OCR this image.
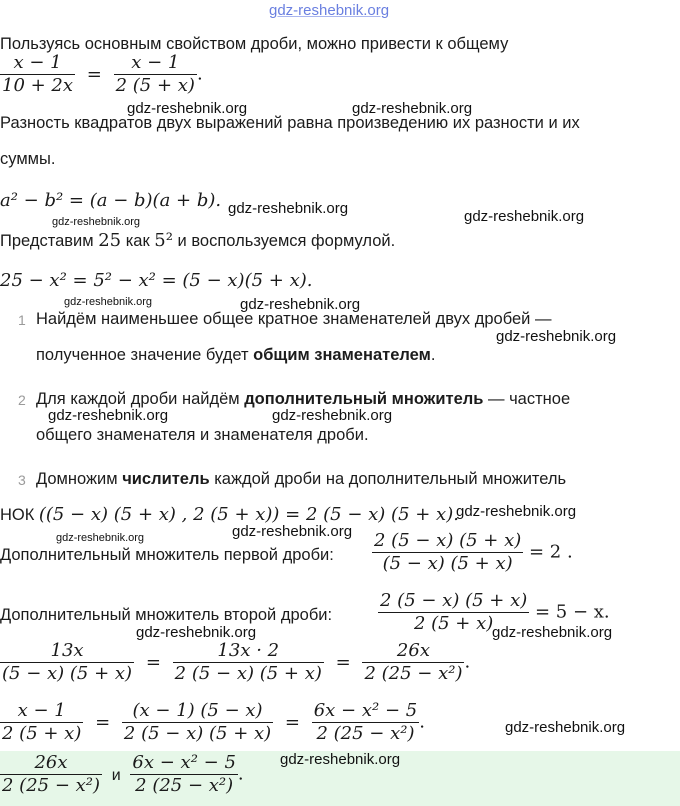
gdz-reshebnik.org
Пользуясь основным свойством дроби, можно привести к общему
$\frac{x - 1}{10 + 2x} = \frac{x - 1}{2 (5 + x)}$ .
gdz-reshebnik.org	gdz-reshebnik.org
Разность квадратов двух выражений равна произведению их разности и их
суммы.
a² − b² = (a − b)(a + b). gdz-reshebnik.org	gdz-reshebnik.org
gdz-reshebnik.org
Представим 25 как 5² и воспользуемся формулой.
25 − x² = 5² − x² = (5 − x)(5 + x).
gdz-reshebnik.org	gdz-reshebnik.org
1 Найдём наименьшее общее кратное знаменателей двух дробей —
gdz-reshebnik.org
полученное значение будет общим знаменателем.
2 Для каждой дроби найдём дополнительный множитель — частное
gdz-reshebnik.org	gdz-reshebnik.org
общего знаменателя и знаменателя дроби.
3 Домножим числитель каждой дроби на дополнительный множитель
НОК ((5 − x) (5 + x) , 2 (5 + x)) = 2 (5 − x) (5 + x).
gdz-reshebnik.org
gdz-reshebnik.org
gdz-reshebnik.org
Дополнительный множитель первой дроби: $\frac{2 (5 - x) (5 + x)}{(5 - x) (5 + x)} = 2$ .
Дополнительный множитель второй дроби:	$\frac{2 (5 - x) (5 + x)}{2 (5 + x)} = 5 - x$.
gdz-reshebnik.org	gdz-reshebnik.org
$\frac{13x}{(5 - x) (5 + x)} = \frac{13x \cdot 2}{2 (5 - x) (5 + x)} = \frac{26x}{\text{2 (25 − x²)}}$ .
$\frac{x - 1}{2 (5 + x)} = \frac{(x - 1) (5 - x)}{2 (5 - x) (5 + x)} = \frac{\text{6x − x² − 5}}{\text{2 (25 − x²)}}$ .	gdz-reshebnik.org
gdz-reshebnik.org
$\frac{26x}{\text{2 (25 − x²)}}$ и $\frac{\text{6x − x² − 5}}{\text{2 (25 − x²)}}$ .
